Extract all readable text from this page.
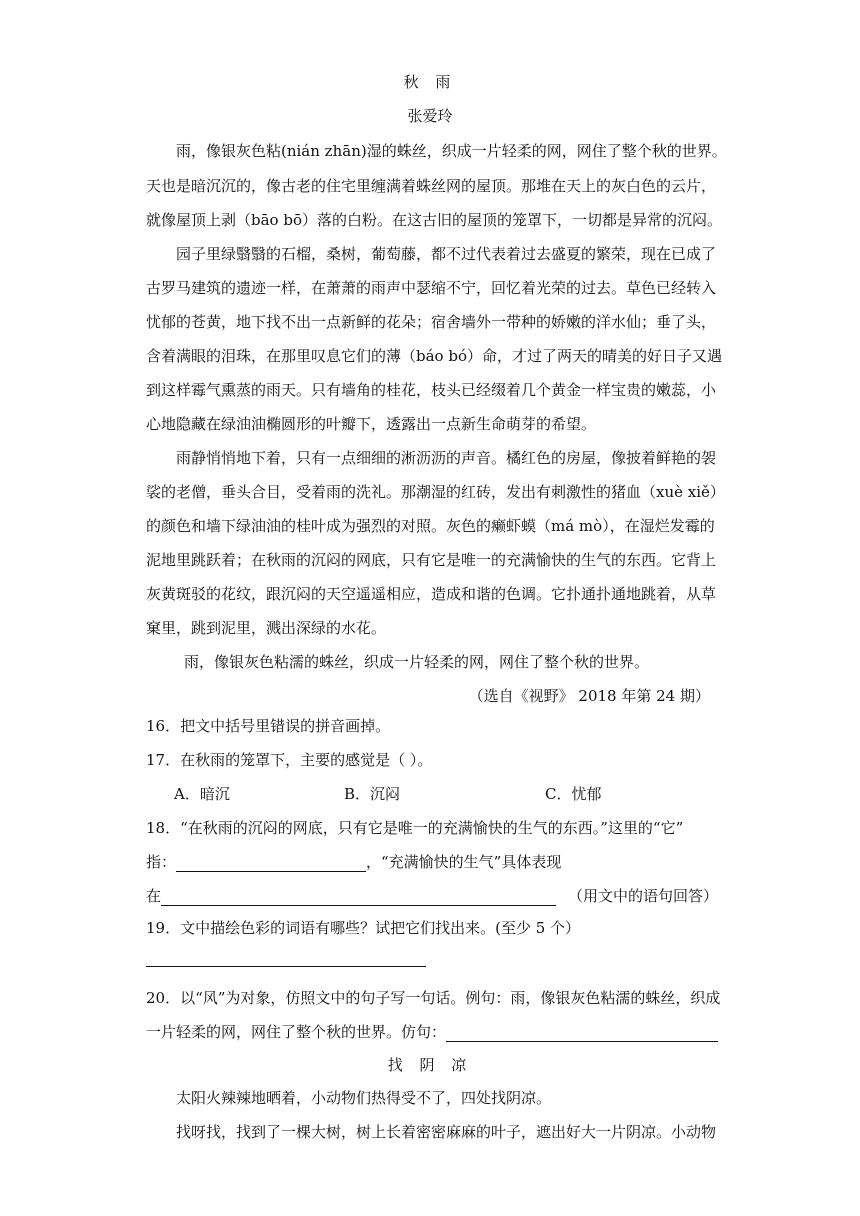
秋 雨
张爱玲
雨，像银灰色粘(nián zhān)湿的蛛丝，织成一片轻柔的网，网住了整个秋的世界。
天也是暗沉沉的，像古老的住宅里缠满着蛛丝网的屋顶。那堆在天上的灰白色的云片，
就像屋顶上剥（bāo bō）落的白粉。在这古旧的屋顶的笼罩下，一切都是异常的沉闷。
园子里绿翳翳的石榴，桑树，葡萄藤，都不过代表着过去盛夏的繁荣，现在已成了
古罗马建筑的遗迹一样，在萧萧的雨声中瑟缩不宁，回忆着光荣的过去。草色已经转入
忧郁的苍黄，地下找不出一点新鲜的花朵；宿舍墙外一带种的娇嫩的洋水仙；垂了头，
含着满眼的泪珠，在那里叹息它们的薄（báo bó）命，才过了两天的晴美的好日子又遇
到这样霉气熏蒸的雨天。只有墙角的桂花，枝头已经缀着几个黄金一样宝贵的嫩蕊，小
心地隐藏在绿油油椭圆形的叶瓣下，透露出一点新生命萌芽的希望。
雨静悄悄地下着，只有一点细细的淅沥沥的声音。橘红色的房屋，像披着鲜艳的袈
裟的老僧，垂头合目，受着雨的洗礼。那潮湿的红砖，发出有刺激性的猪血（xuè xiě）
的颜色和墙下绿油油的桂叶成为强烈的对照。灰色的癞虾蟆（má mò），在湿烂发霉的
泥地里跳跃着；在秋雨的沉闷的网底，只有它是唯一的充满愉快的生气的东西。它背上
灰黄斑驳的花纹，跟沉闷的天空遥遥相应，造成和谐的色调。它扑通扑通地跳着，从草
窠里，跳到泥里，溅出深绿的水花。
雨，像银灰色粘濡的蛛丝，织成一片轻柔的网，网住了整个秋的世界。
（选自《视野》 2018 年第 24 期）
16．把文中括号里错误的拼音画掉。
17．在秋雨的笼罩下，主要的感觉是（ ）。
A．暗沉	B．沉闷	C．忧郁
18．“在秋雨的沉闷的网底，只有它是唯一的充满愉快的生气的东西。”这里的“它”
指：	，“充满愉快的生气”具体表现
在	（用文中的语句回答）
19．文中描绘色彩的词语有哪些？试把它们找出来。(至少 5 个）
20．以“风”为对象，仿照文中的句子写一句话。例句：雨，像银灰色粘濡的蛛丝，织成
一片轻柔的网，网住了整个秋的世界。仿句：
找 阴 凉
太阳火辣辣地晒着，小动物们热得受不了，四处找阴凉。
找呀找，找到了一棵大树，树上长着密密麻麻的叶子，遮出好大一片阴凉。小动物
